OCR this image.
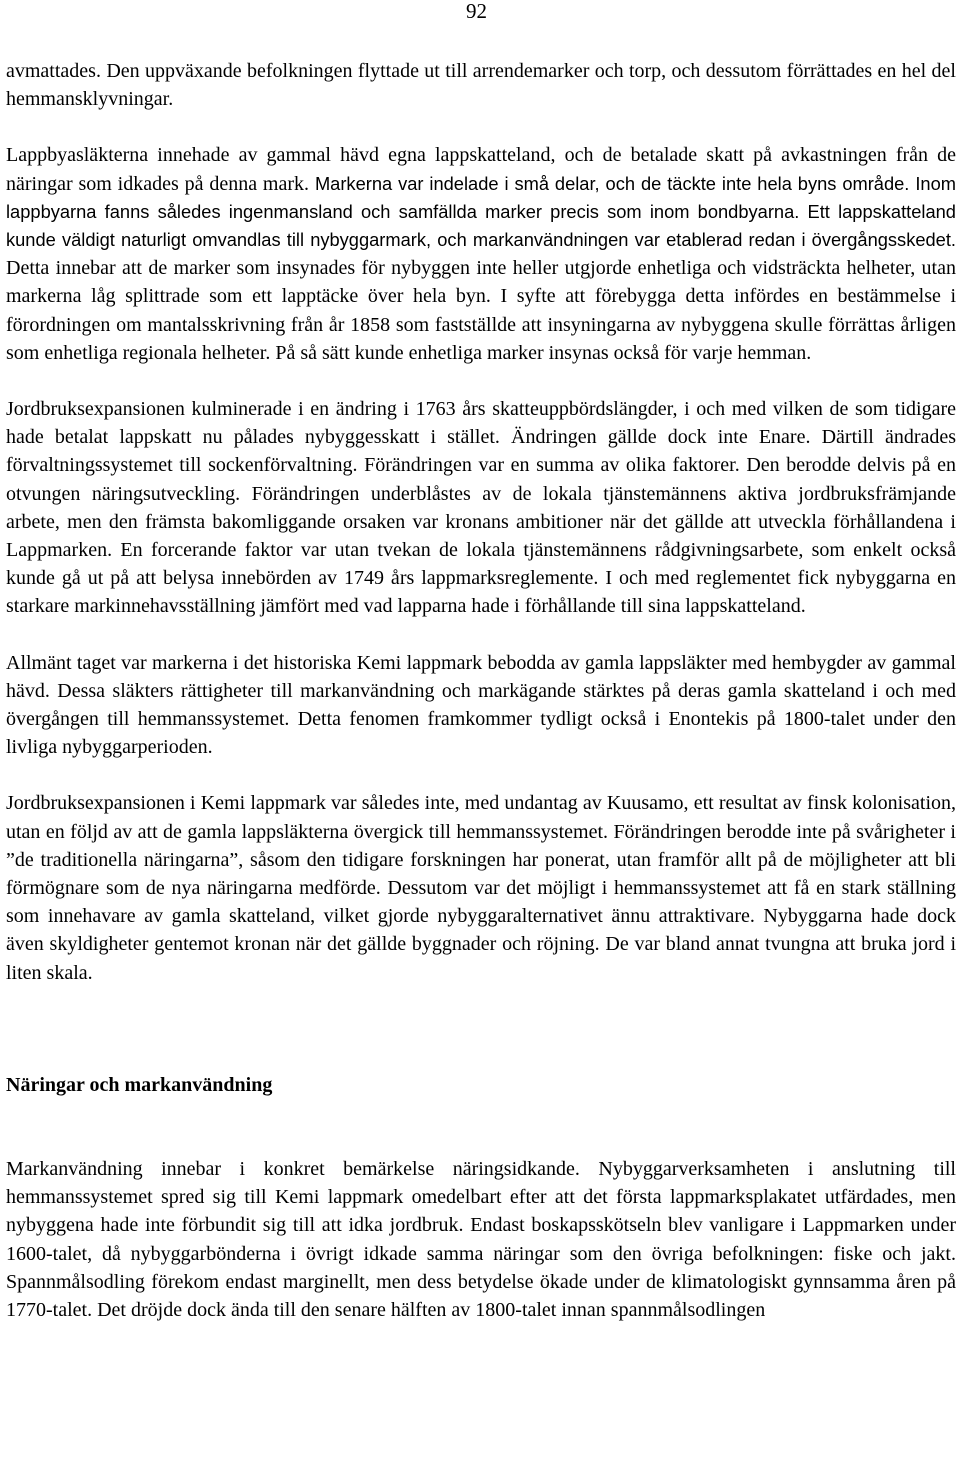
92

avmattades. Den uppväxande befolkningen flyttade ut till arrendemarker och torp, och dessutom förrättades en hel del hemmansklyvningar.

Lappbyasläkterna innehade av gammal hävd egna lappskatteland, och de betalade skatt på avkastningen från de näringar som idkades på denna mark. Markerna var indelade i små delar, och de täckte inte hela byns område. Inom lappbyarna fanns således ingenmansland och samfällda marker precis som inom bondbyarna. Ett lappskatteland kunde väldigt naturligt omvandlas till nybyggarmark, och markanvändningen var etablerad redan i övergångsskedet.Detta innebar att de marker som insynades för nybyggen inte heller utgjorde enhetliga och vidsträckta helheter, utan markerna låg splittrade som ett lapptäcke över hela byn. I syfte att förebygga detta infördes en bestämmelse i förordningen om mantalsskrivning från år 1858 som fastställde att insyningarna av nybyggena skulle förrättas årligen som enhetliga regionala helheter. På så sätt kunde enhetliga marker insynas också för varje hemman.

Jordbruksexpansionen kulminerade i en ändring i 1763 års skatteuppbördslängder, i och med vilken de som tidigare hade betalat lappskatt nu pålades nybyggesskatt i stället. Ändringen gällde dock inte Enare. Därtill ändrades förvaltningssystemet till sockenförvaltning. Förändringen var en summa av olika faktorer. Den berodde delvis på en otvungen näringsutveckling. Förändringen underblåstes av de lokala tjänstemännens aktiva jordbruksfrämjande arbete, men den främsta bakomliggande orsaken var kronans ambitioner när det gällde att utveckla förhållandena i Lappmarken. En forcerande faktor var utan tvekan de lokala tjänstemännens rådgivningsarbete, som enkelt också kunde gå ut på att belysa innebörden av 1749 års lappmarksreglemente. I och med reglementet fick nybyggarna en starkare markinnehavsställning jämfört med vad lapparna hade i förhållande till sina lappskatteland.

Allmänt taget var markerna i det historiska Kemi lappmark bebodda av gamla lappsläkter med hembygder av gammal hävd. Dessa släkters rättigheter till markanvändning och markägande stärktes på deras gamla skatteland i och med övergången till hemmanssystemet. Detta fenomen framkommer tydligt också i Enontekis på 1800-talet under den livliga nybyggarperioden.

Jordbruksexpansionen i Kemi lappmark var således inte, med undantag av Kuusamo, ett resultat av finsk kolonisation, utan en följd av att de gamla lappsläkterna övergick till hemmanssystemet. Förändringen berodde inte på svårigheter i ”de traditionella näringarna”, såsom den tidigare forskningen har ponerat, utan framför allt på de möjligheter att bli förmögnare som de nya näringarna medförde. Dessutom var det möjligt i hemmanssystemet att få en stark ställning som innehavare av gamla skatteland, vilket gjorde nybyggaralternativet ännu attraktivare. Nybyggarna hade dock även skyldigheter gentemot kronan när det gällde byggnader och röjning. De var bland annat tvungna att bruka jord i liten skala.

Näringar och markanvändning

Markanvändning innebar i konkret bemärkelse näringsidkande. Nybyggarverksamheten i anslutning till hemmanssystemet spred sig till Kemi lappmark omedelbart efter att det första lappmarksplakatet utfärdades, men nybyggena hade inte förbundit sig till att idka jordbruk. Endast boskapsskötseln blev vanligare i Lappmarken under 1600-talet, då nybyggarbönderna i övrigt idkade samma näringar som den övriga befolkningen: fiske och jakt.Spannmålsodling förekom endast marginellt, men dess betydelse ökade under de klimatologiskt gynnsamma åren på 1770-talet. Det dröjde dock ända till den senare hälften av 1800-talet innan spannmålsodlingen
